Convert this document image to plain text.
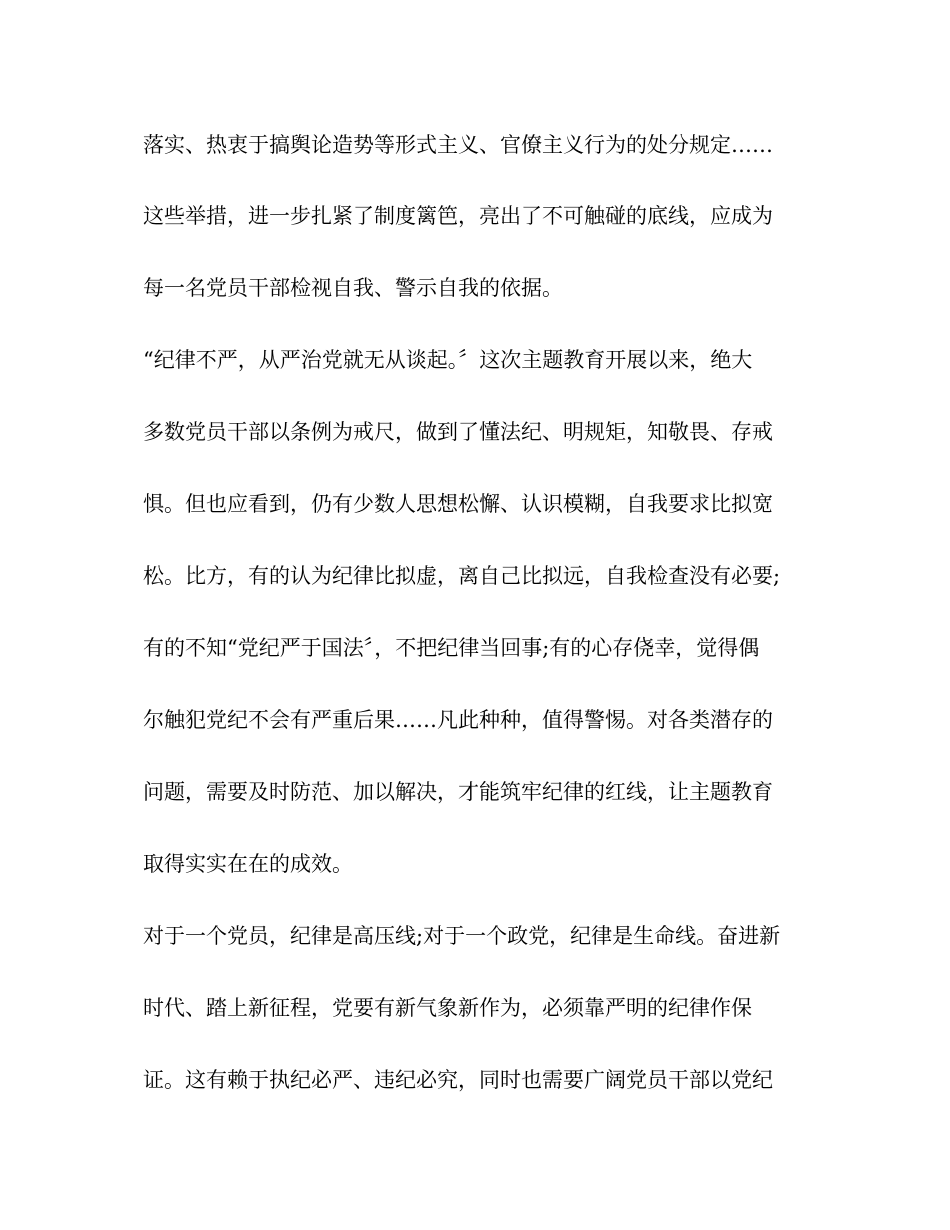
落实、热衷于搞舆论造势等形式主义、官僚主义行为的处分规定……
这些举措，进一步扎紧了制度篱笆，亮出了不可触碰的底线，应成为
每一名党员干部检视自我、警示自我的依据。
“纪律不严，从严治党就无从谈起。〞这次主题教育开展以来，绝大
多数党员干部以条例为戒尺，做到了懂法纪、明规矩，知敬畏、存戒
惧。但也应看到，仍有少数人思想松懈、认识模糊，自我要求比拟宽
松。比方，有的认为纪律比拟虚，离自己比拟远，自我检查没有必要;
有的不知“党纪严于国法〞，不把纪律当回事;有的心存侥幸，觉得偶
尔触犯党纪不会有严重后果……凡此种种，值得警惕。对各类潜存的
问题，需要及时防范、加以解决，才能筑牢纪律的红线，让主题教育
取得实实在在的成效。
对于一个党员，纪律是高压线;对于一个政党，纪律是生命线。奋进新
时代、踏上新征程，党要有新气象新作为，必须靠严明的纪律作保
证。这有赖于执纪必严、违纪必究，同时也需要广阔党员干部以党纪
